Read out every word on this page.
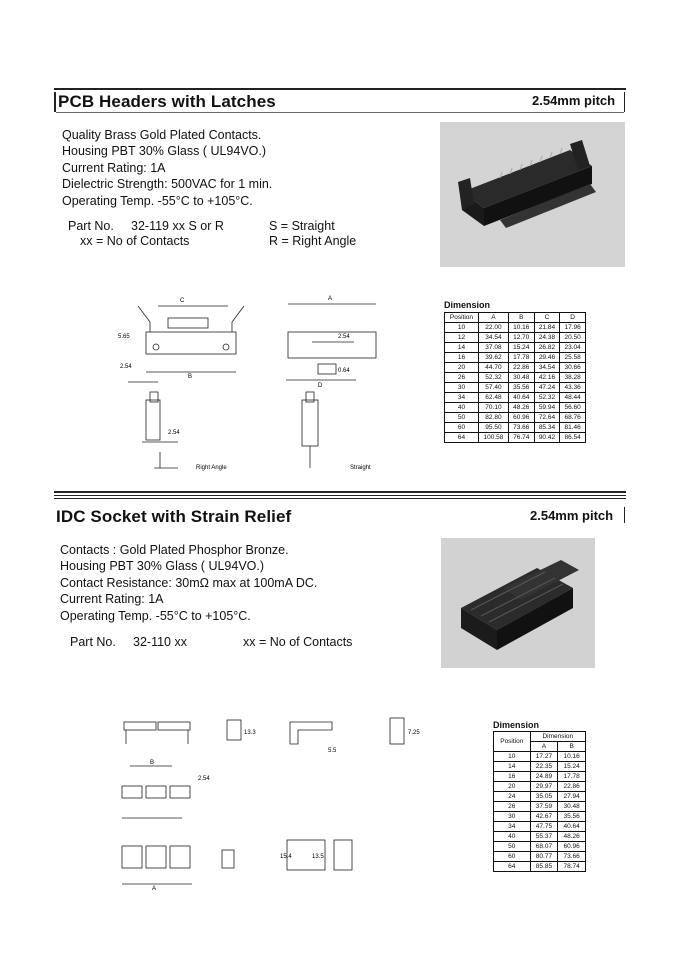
PCB Headers with Latches	2.54mm pitch
Quality Brass Gold Plated Contacts.
Housing PBT 30% Glass ( UL94VO.)
Current Rating: 1A
Dielectric Strength: 500VAC for 1 min.
Operating Temp. -55°C to +105°C.
Part No. 32-119 xx S or R	S = Straight
xx = No of Contacts	R = Right Angle
C	A
B
D
5.65
2.54
2.54
2.54
0.64
Right Angle	Straight
Dimension
Position	A	B	C	D
10	22.00	10.16	21.84	17.96
12	34.54	12.70	24.38	20.50
14	37.08	15.24	26.82	23.04
16	39.62	17.78	29.46	25.58
20	44.70	22.86	34.54	30.66
26	52.32	30.48	42.16	38.28
30	57.40	35.56	47.24	43.36
34	62.48	40.64	52.32	48.44
40	70.10	48.26	59.94	56.60
50	82.80	60.96	72.64	68.76
60	95.50	73.66	85.34	81.46
64	100.58	76.74	90.42	86.54
IDC Socket with Strain Relief	2.54mm pitch
Contacts : Gold Plated Phosphor Bronze.
Housing PBT 30% Glass ( UL94VO.)
Contact Resistance: 30mΩ max at 100mA DC.
Current Rating: 1A
Operating Temp. -55°C to +105°C.
Part No. 32-110 xx	xx = No of Contacts
13.3
5.5
7.25
B
2.54
A
15.4	13.5
Dimension
Position	Dimension	
	A	B
10	17.27	10.16
14	22.35	15.24
16	24.89	17.78
20	29.97	22.86
24	35.05	27.94
26	37.59	30.48
30	42.67	35.56
34	47.75	40.64
40	55.37	48.26
50	68.07	60.96
60	80.77	73.66
64	85.85	78.74
